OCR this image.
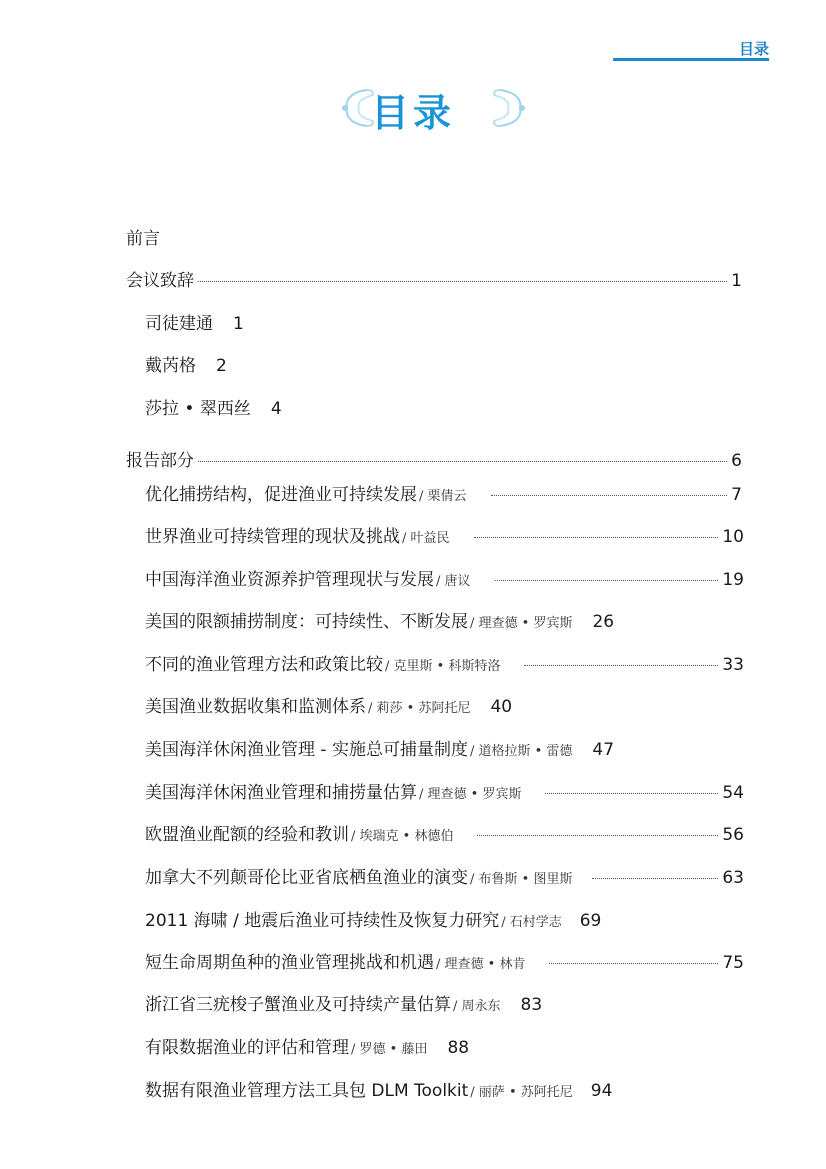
目录
目录
前言
会议致辞	1
司徒建通 1
戴芮格 2
莎拉 • 翠西丝 4
报告部分	6
优化捕捞结构，促进渔业可持续发展 / 栗倩云	7
世界渔业可持续管理的现状及挑战 / 叶益民	10
中国海洋渔业资源养护管理现状与发展 / 唐议	19
美国的限额捕捞制度：可持续性、不断发展 / 理查德 • 罗宾斯 26
不同的渔业管理方法和政策比较 / 克里斯 • 科斯特洛	33
美国渔业数据收集和监测体系 / 莉莎 • 苏阿托尼 40
美国海洋休闲渔业管理 - 实施总可捕量制度 / 道格拉斯 • 雷德 47
美国海洋休闲渔业管理和捕捞量估算 / 理查德 • 罗宾斯	54
欧盟渔业配额的经验和教训 / 埃瑞克 • 林德伯	56
加拿大不列颠哥伦比亚省底栖鱼渔业的演变 / 布鲁斯 • 图里斯	63
2011 海啸 / 地震后渔业可持续性及恢复力研究 / 石村学志 69
短生命周期鱼种的渔业管理挑战和机遇 / 理查德 • 林肯	75
浙江省三疣梭子蟹渔业及可持续产量估算 / 周永东 83
有限数据渔业的评估和管理 / 罗德 • 藤田 88
数据有限渔业管理方法工具包 DLM Toolkit / 丽萨 • 苏阿托尼 94
